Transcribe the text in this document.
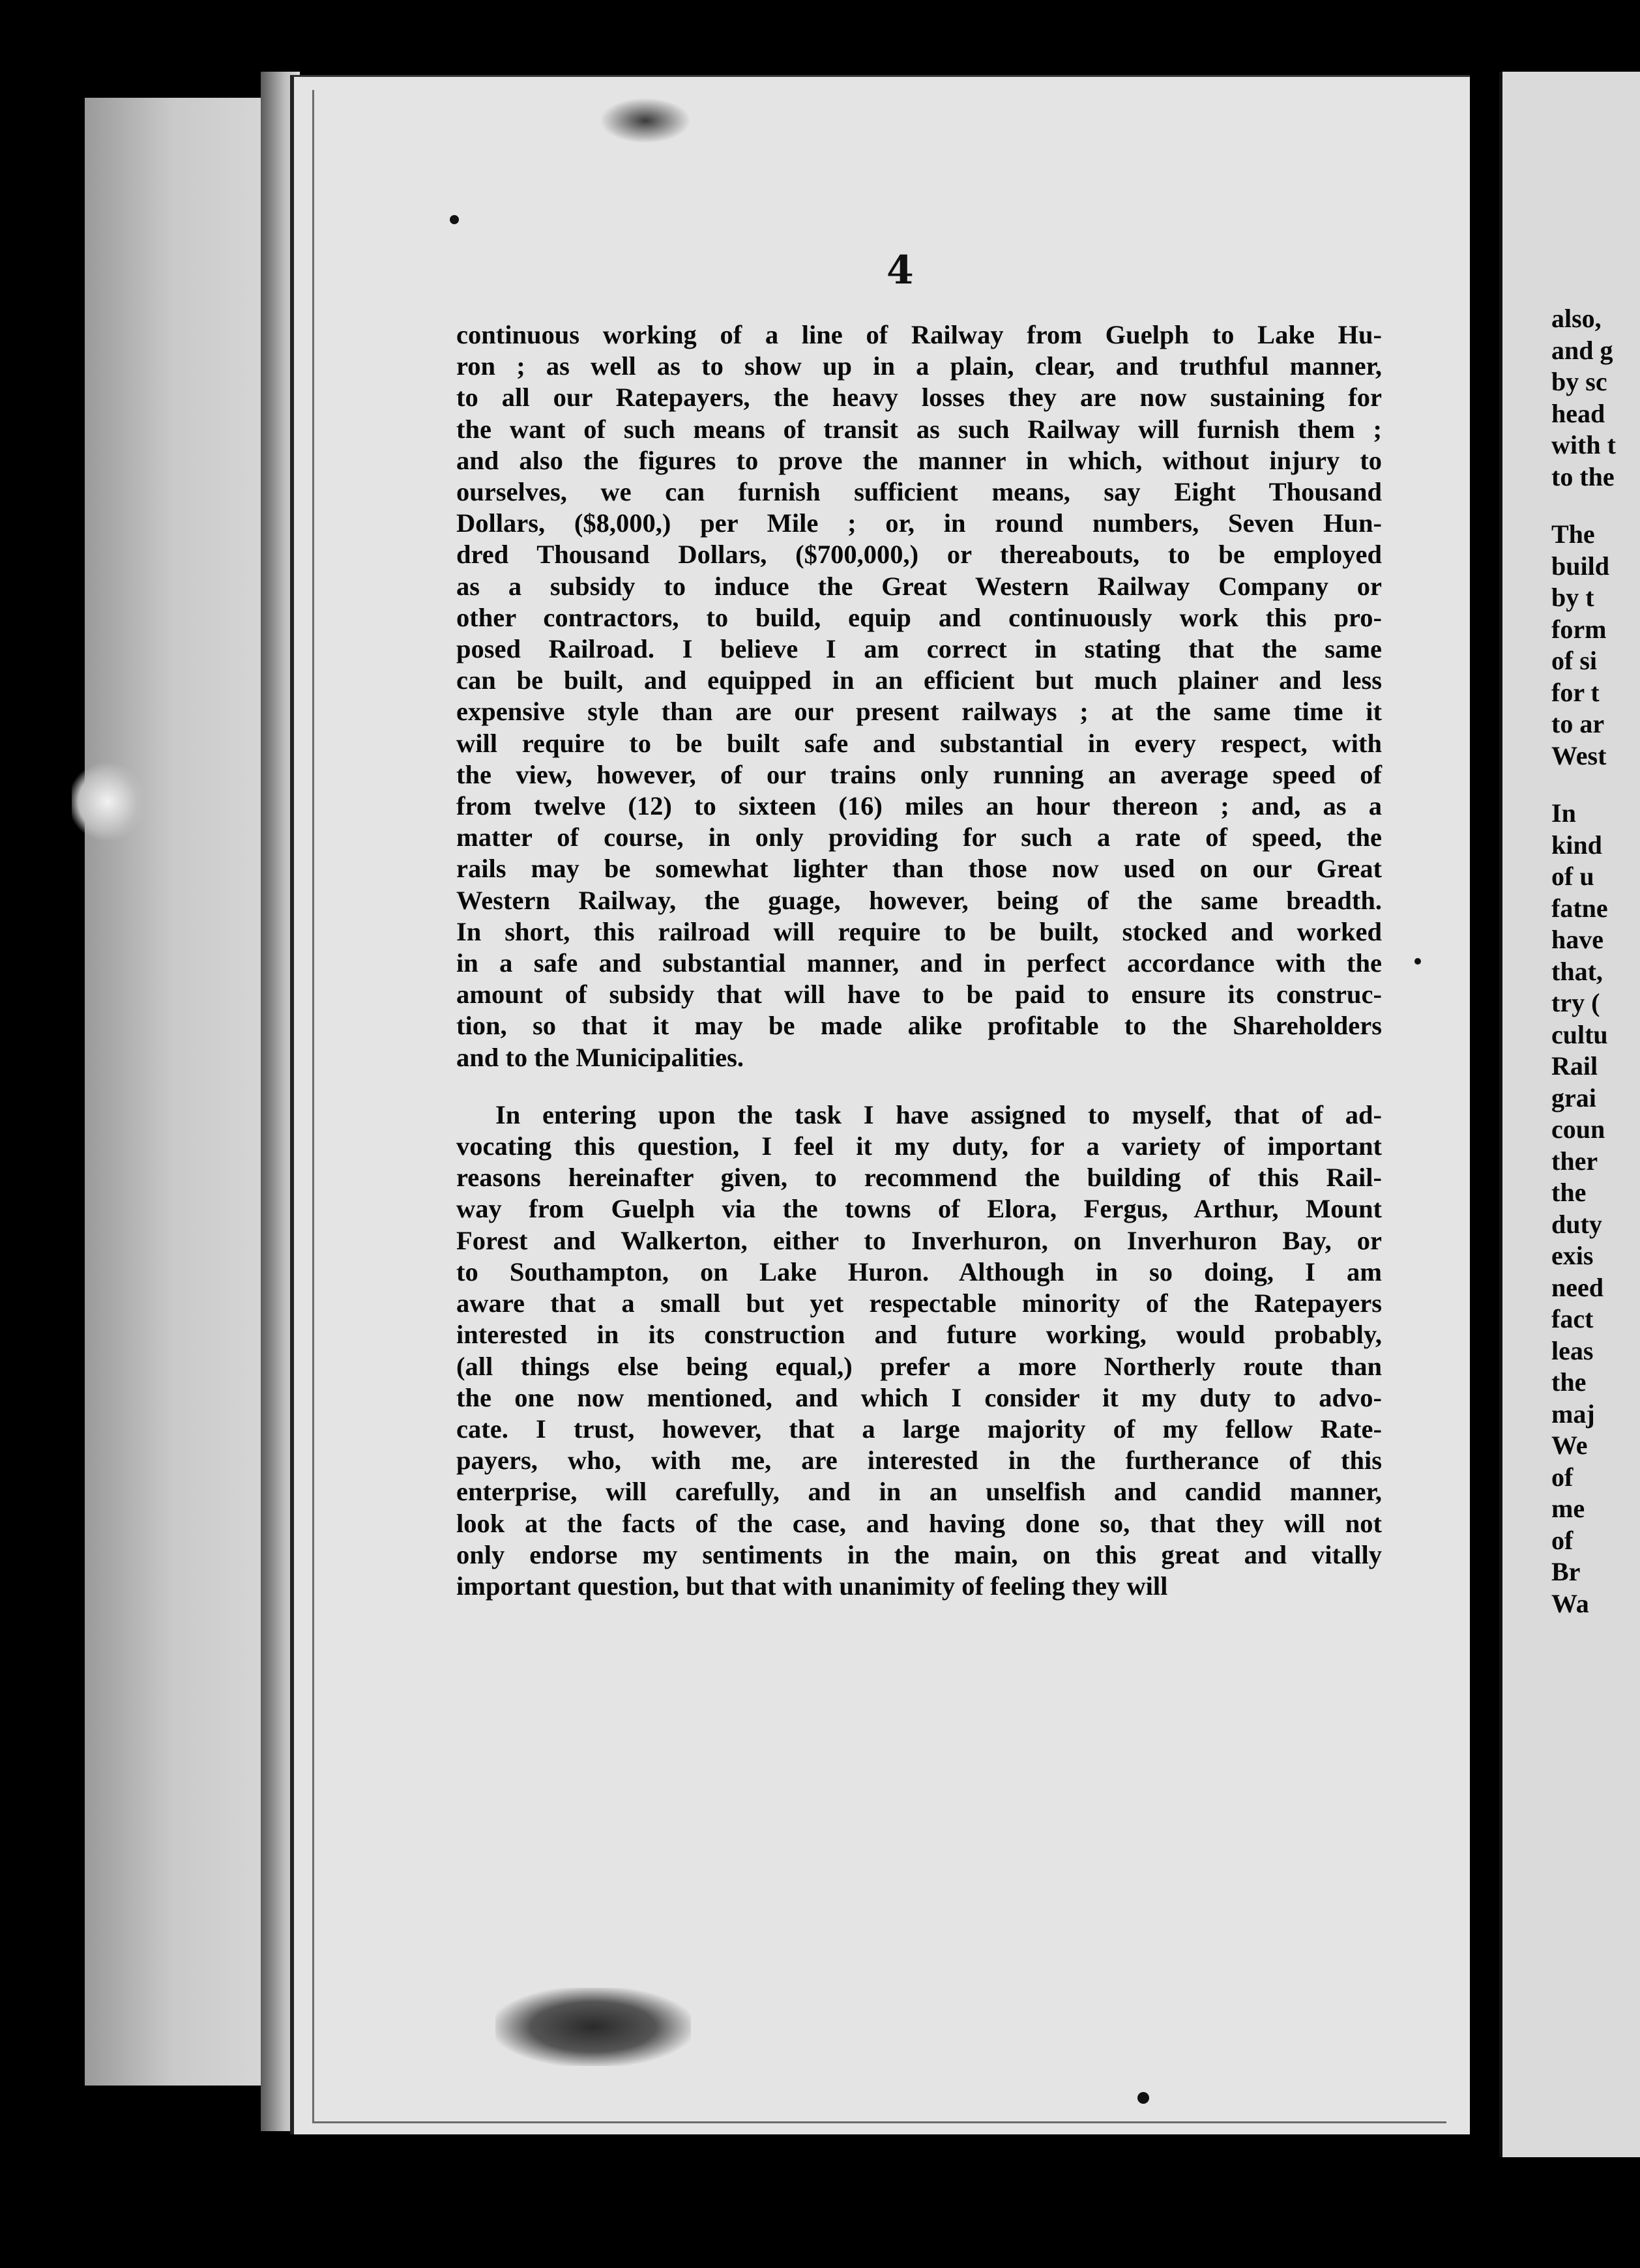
4
continuous working of a line of Railway from Guelph to Lake Hu-
ron ; as well as to show up in a plain, clear, and truthful manner,
to all our Ratepayers, the heavy losses they are now sustaining for
the want of such means of transit as such Railway will furnish them ;
and also the figures to prove the manner in which, without injury to
ourselves, we can furnish sufficient means, say Eight Thousand
Dollars, ($8,000,) per Mile ; or, in round numbers, Seven Hun-
dred Thousand Dollars, ($700,000,) or thereabouts, to be employed
as a subsidy to induce the Great Western Railway Company or
other contractors, to build, equip and continuously work this pro-
posed Railroad. I believe I am correct in stating that the same
can be built, and equipped in an efficient but much plainer and less
expensive style than are our present railways ; at the same time it
will require to be built safe and substantial in every respect, with
the view, however, of our trains only running an average speed of
from twelve (12) to sixteen (16) miles an hour thereon ; and, as a
matter of course, in only providing for such a rate of speed, the
rails may be somewhat lighter than those now used on our Great
Western Railway, the guage, however, being of the same breadth.
In short, this railroad will require to be built, stocked and worked
in a safe and substantial manner, and in perfect accordance with the
amount of subsidy that will have to be paid to ensure its construc-
tion, so that it may be made alike profitable to the Shareholders
and to the Municipalities.
In entering upon the task I have assigned to myself, that of ad-
vocating this question, I feel it my duty, for a variety of important
reasons hereinafter given, to recommend the building of this Rail-
way from Guelph via the towns of Elora, Fergus, Arthur, Mount
Forest and Walkerton, either to Inverhuron, on Inverhuron Bay, or
to Southampton, on Lake Huron. Although in so doing, I am
aware that a small but yet respectable minority of the Ratepayers
interested in its construction and future working, would probably,
(all things else being equal,) prefer a more Northerly route than
the one now mentioned, and which I consider it my duty to advo-
cate. I trust, however, that a large majority of my fellow Rate-
payers, who, with me, are interested in the furtherance of this
enterprise, will carefully, and in an unselfish and candid manner,
look at the facts of the case, and having done so, that they will not
only endorse my sentiments in the main, on this great and vitally
important question, but that with unanimity of feeling they will
also,
and g
by sc
head
with t
to the
The
build
by t
form
of si
for t
to ar
West
In
kind
of u
fatne
have
that,
try (
cultu
Rail
grai
coun
ther
the
duty
exis
need
fact
leas
the
maj
We
of
me
of
Br
Wa
